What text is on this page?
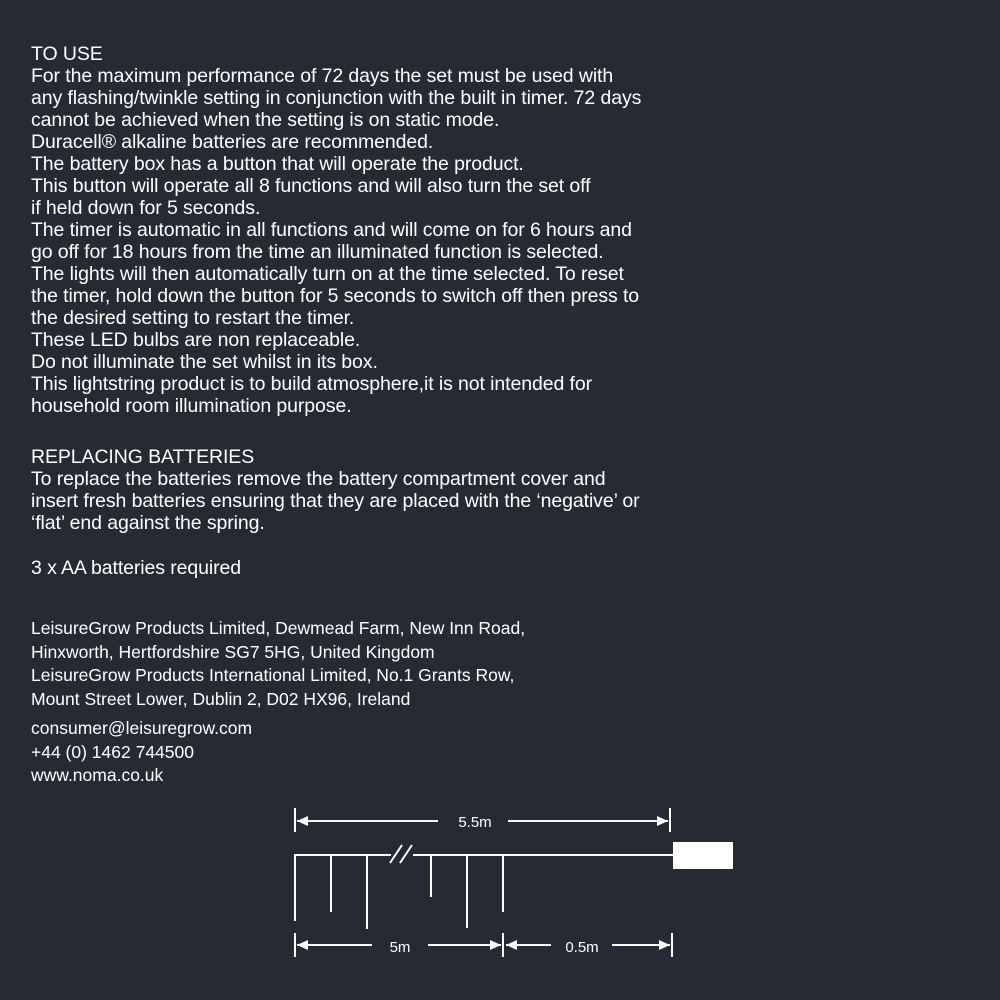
TO USE
For the maximum performance of 72 days the set must be used with
any flashing/twinkle setting in conjunction with the built in timer. 72 days
cannot be achieved when the setting is on static mode.
Duracell® alkaline batteries are recommended.
The battery box has a button that will operate the product.
This button will operate all 8 functions and will also turn the set off
if held down for 5 seconds.
The timer is automatic in all functions and will come on for 6 hours and
go off for 18 hours from the time an illuminated function is selected.
The lights will then automatically turn on at the time selected. To reset
the timer, hold down the button for 5 seconds to switch off then press to
the desired setting to restart the timer.
These LED bulbs are non replaceable.
Do not illuminate the set whilst in its box.
This lightstring product is to build atmosphere,it is not intended for
household room illumination purpose.
REPLACING BATTERIES
To replace the batteries remove the battery compartment cover and
insert fresh batteries ensuring that they are placed with the ‘negative’ or
‘flat’ end against the spring.
3 x AA batteries required
LeisureGrow Products Limited, Dewmead Farm, New Inn Road,
Hinxworth, Hertfordshire SG7 5HG, United Kingdom
LeisureGrow Products International Limited, No.1 Grants Row,
Mount Street Lower, Dublin 2, D02 HX96, Ireland
consumer@leisuregrow.com
+44 (0) 1462 744500
www.noma.co.uk
5.5m
5m	0.5m
